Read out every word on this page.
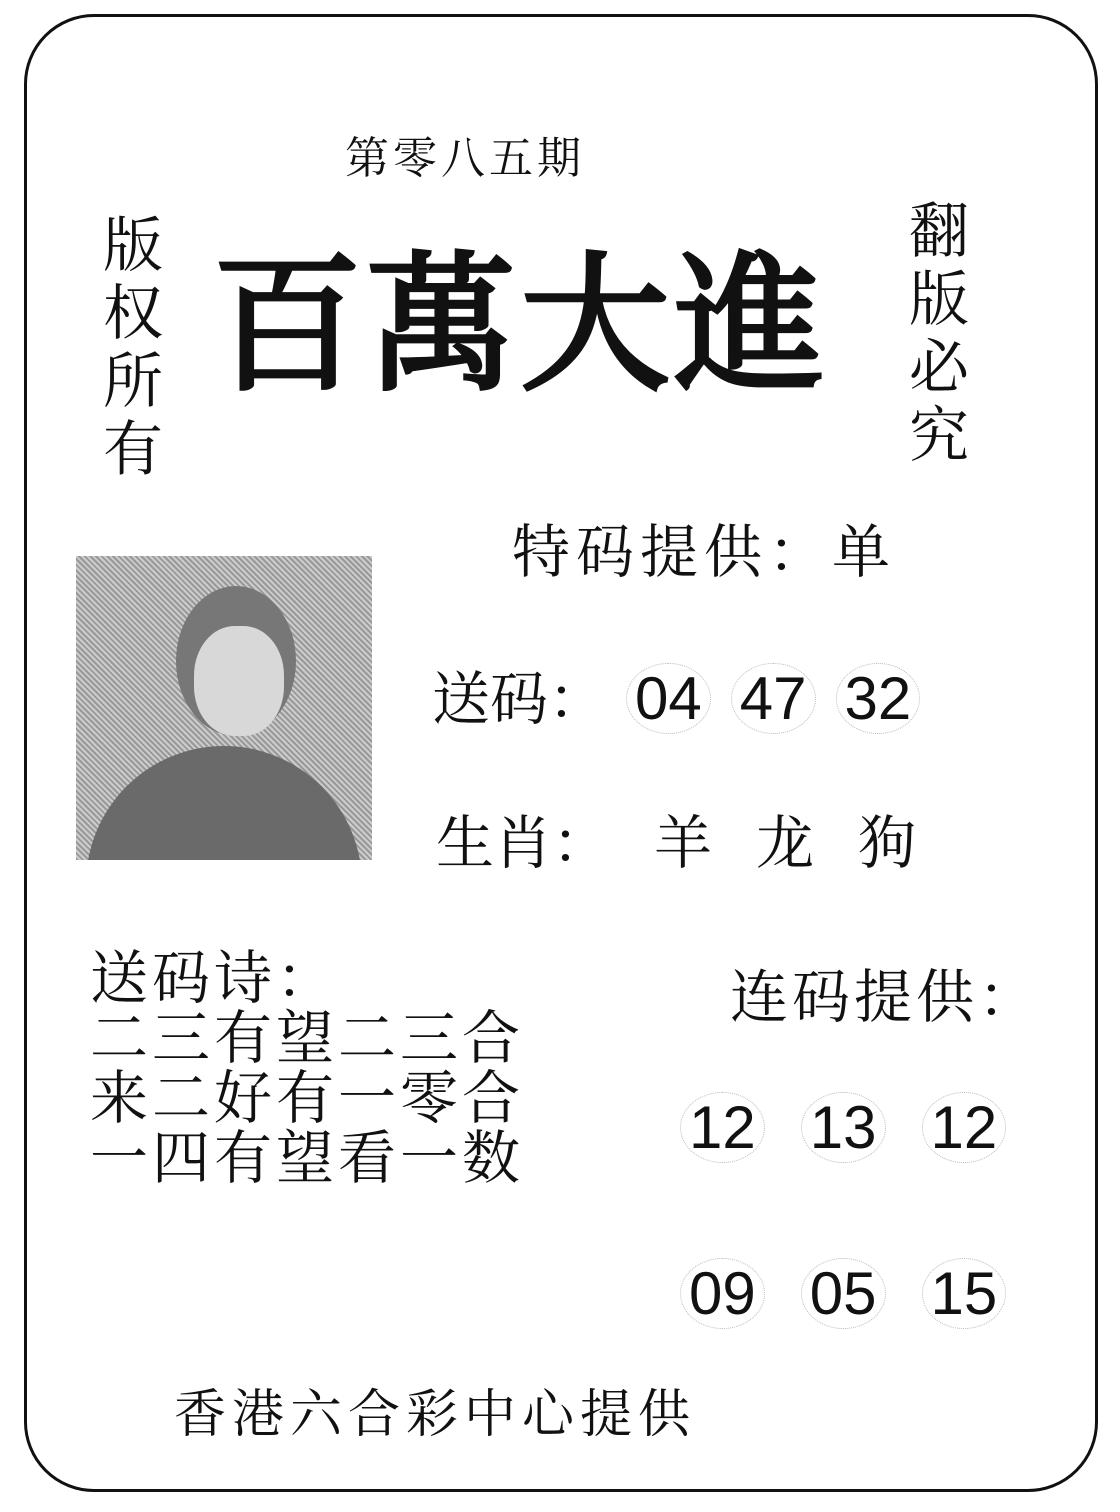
第零八五期
版权所有
翻版必究
百萬大進
特码提供：单
送码： 04 47 32
生肖： 羊 龙 狗
送码诗：
二三有望二三合
来二好有一零合
一四有望看一数
连码提供：
12 13 12
09 05 15
香港六合彩中心提供
